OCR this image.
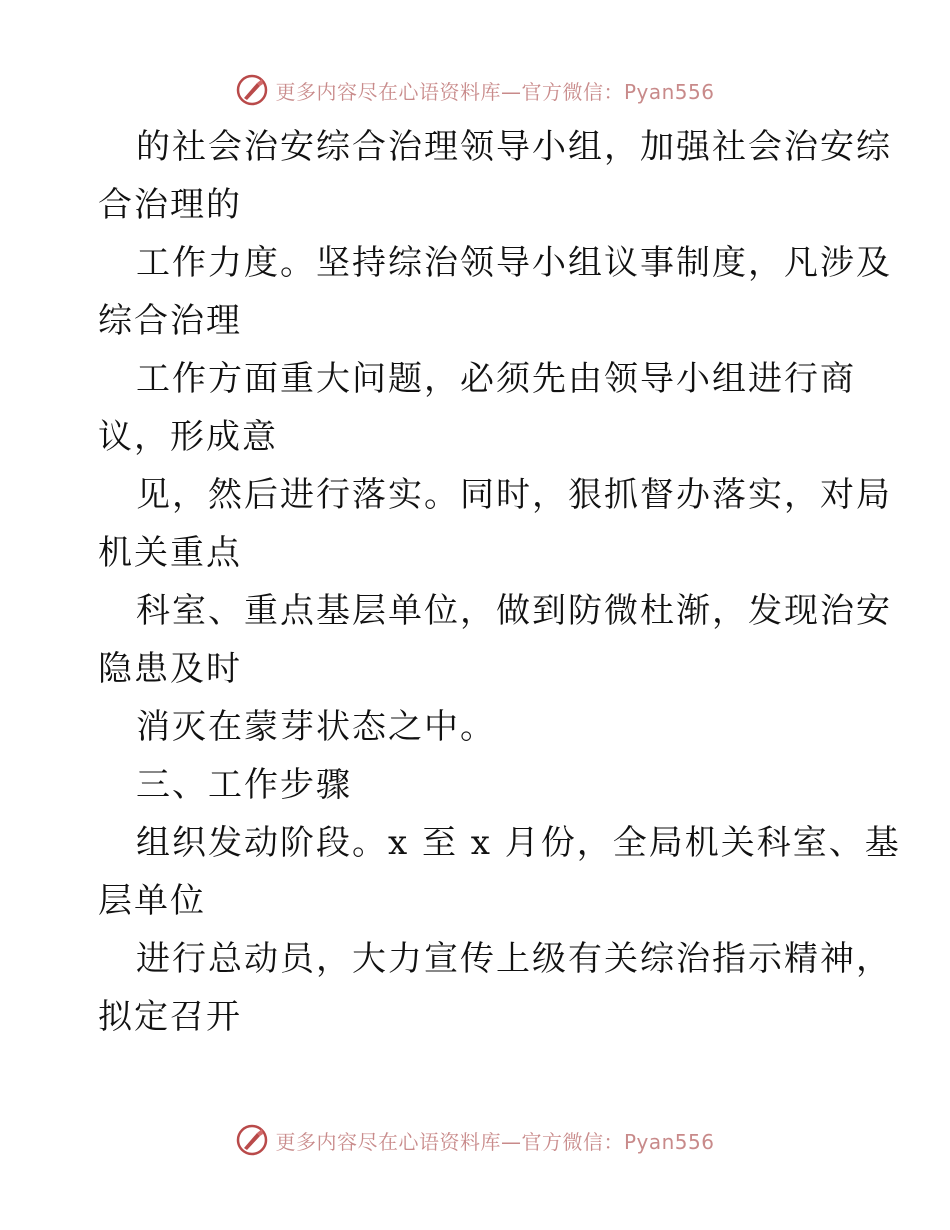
更多内容尽在心语资料库—官方微信：Pyan556
的社会治安综合治理领导小组，加强社会治安综
合治理的
工作力度。坚持综治领导小组议事制度，凡涉及
综合治理
工作方面重大问题，必须先由领导小组进行商
议，形成意
见，然后进行落实。同时，狠抓督办落实，对局
机关重点
科室、重点基层单位，做到防微杜渐，发现治安
隐患及时
消灭在蒙芽状态之中。
三、工作步骤
组织发动阶段。x 至 x 月份，全局机关科室、基
层单位
进行总动员，大力宣传上级有关综治指示精神，
拟定召开
更多内容尽在心语资料库—官方微信：Pyan556
